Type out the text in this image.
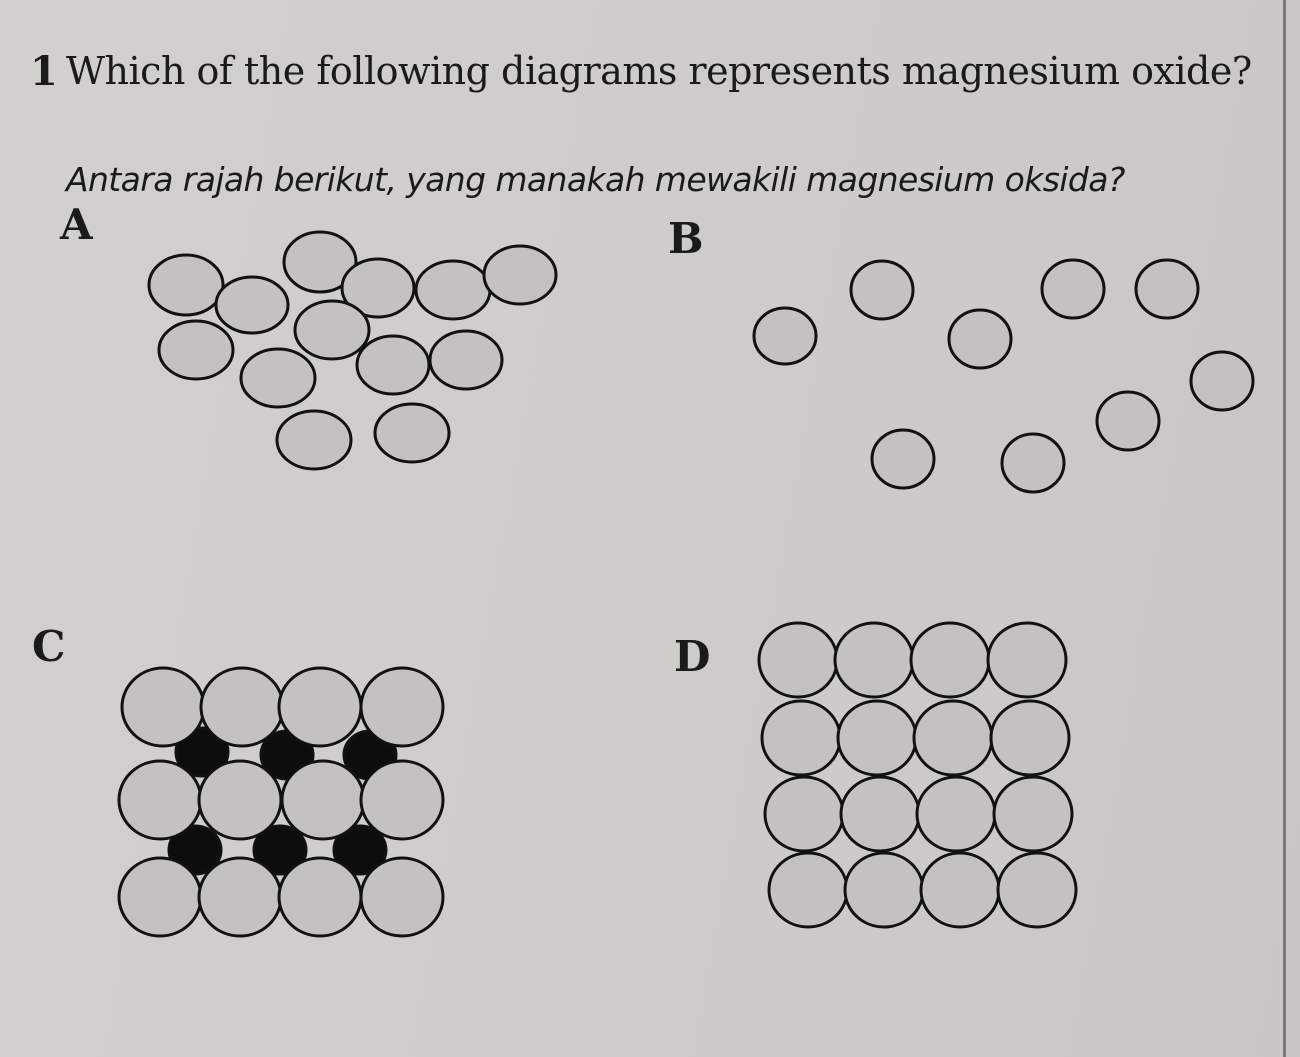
1 Which of the following diagrams represents magnesium oxide?
Antara rajah berikut, yang manakah mewakili magnesium oksida?
A	B
C	D
